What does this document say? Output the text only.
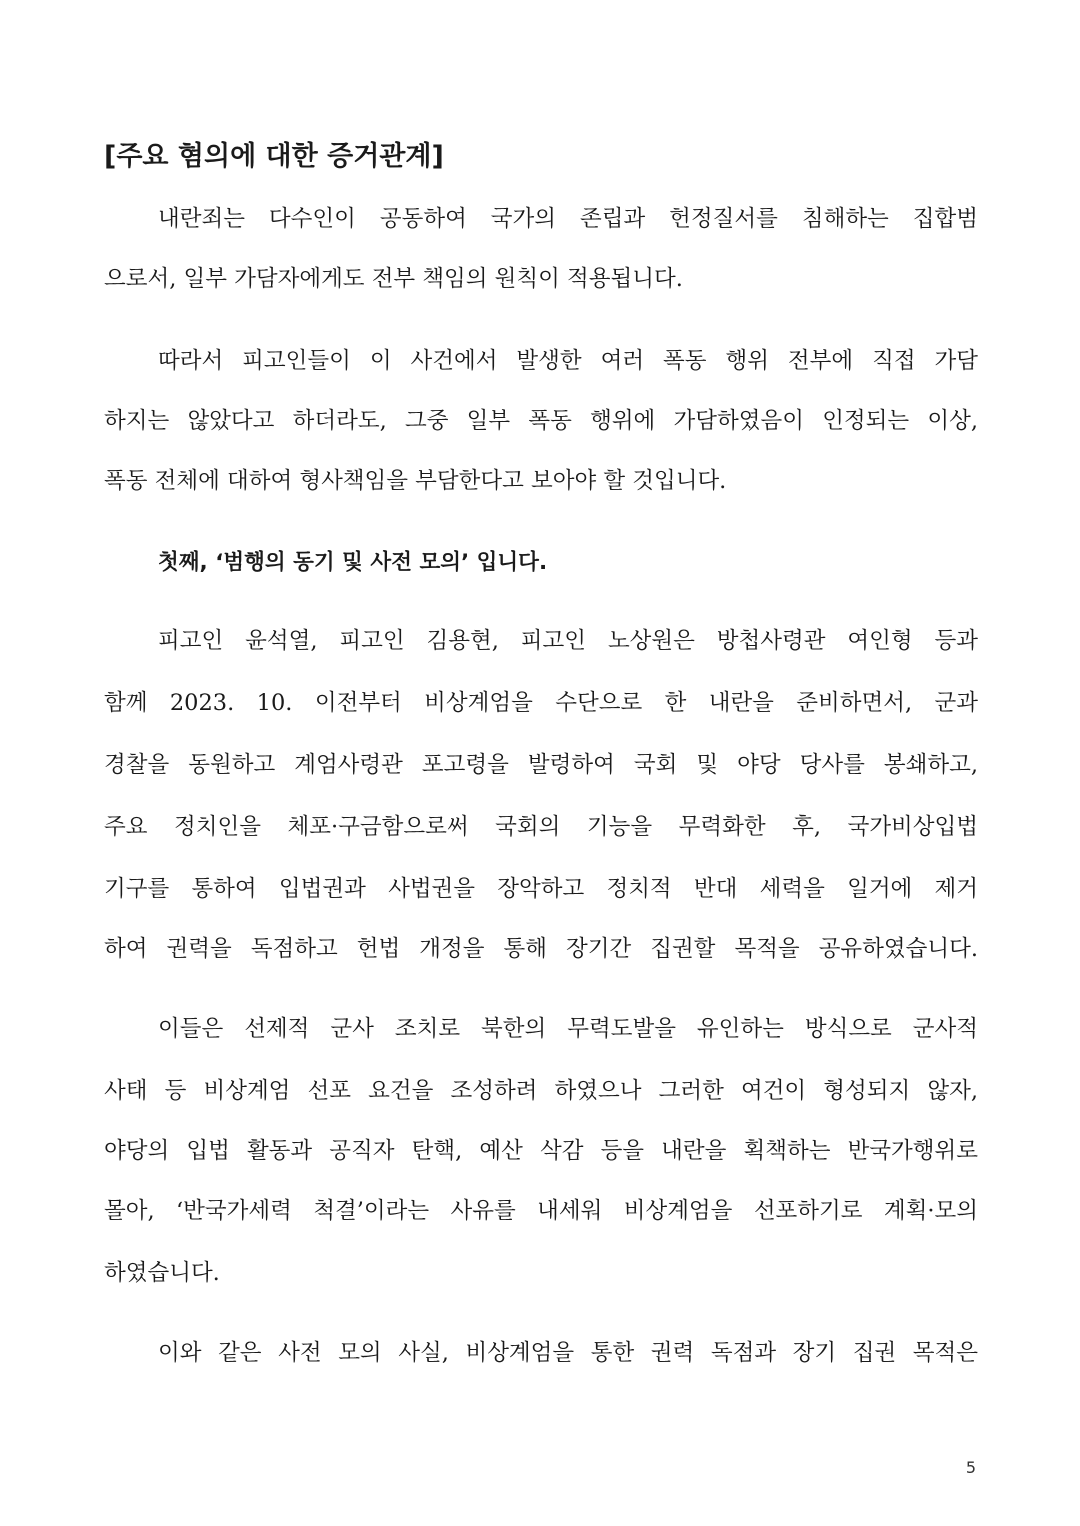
[주요 혐의에 대한 증거관계]
내란죄는 다수인이 공동하여 국가의 존립과 헌정질서를 침해하는 집합범
으로서, 일부 가담자에게도 전부 책임의 원칙이 적용됩니다.
따라서 피고인들이 이 사건에서 발생한 여러 폭동 행위 전부에 직접 가담
하지는 않았다고 하더라도, 그중 일부 폭동 행위에 가담하였음이 인정되는 이상,
폭동 전체에 대하여 형사책임을 부담한다고 보아야 할 것입니다.
첫째, ‘범행의 동기 및 사전 모의’ 입니다.
피고인 윤석열, 피고인 김용현, 피고인 노상원은 방첩사령관 여인형 등과
함께 2023. 10. 이전부터 비상계엄을 수단으로 한 내란을 준비하면서, 군과
경찰을 동원하고 계엄사령관 포고령을 발령하여 국회 및 야당 당사를 봉쇄하고,
주요 정치인을 체포·구금함으로써 국회의 기능을 무력화한 후, 국가비상입법
기구를 통하여 입법권과 사법권을 장악하고 정치적 반대 세력을 일거에 제거
하여 권력을 독점하고 헌법 개정을 통해 장기간 집권할 목적을 공유하였습니다.
이들은 선제적 군사 조치로 북한의 무력도발을 유인하는 방식으로 군사적
사태 등 비상계엄 선포 요건을 조성하려 하였으나 그러한 여건이 형성되지 않자,
야당의 입법 활동과 공직자 탄핵, 예산 삭감 등을 내란을 획책하는 반국가행위로
몰아, ‘반국가세력 척결’이라는 사유를 내세워 비상계엄을 선포하기로 계획·모의
하였습니다.
이와 같은 사전 모의 사실, 비상계엄을 통한 권력 독점과 장기 집권 목적은
5
